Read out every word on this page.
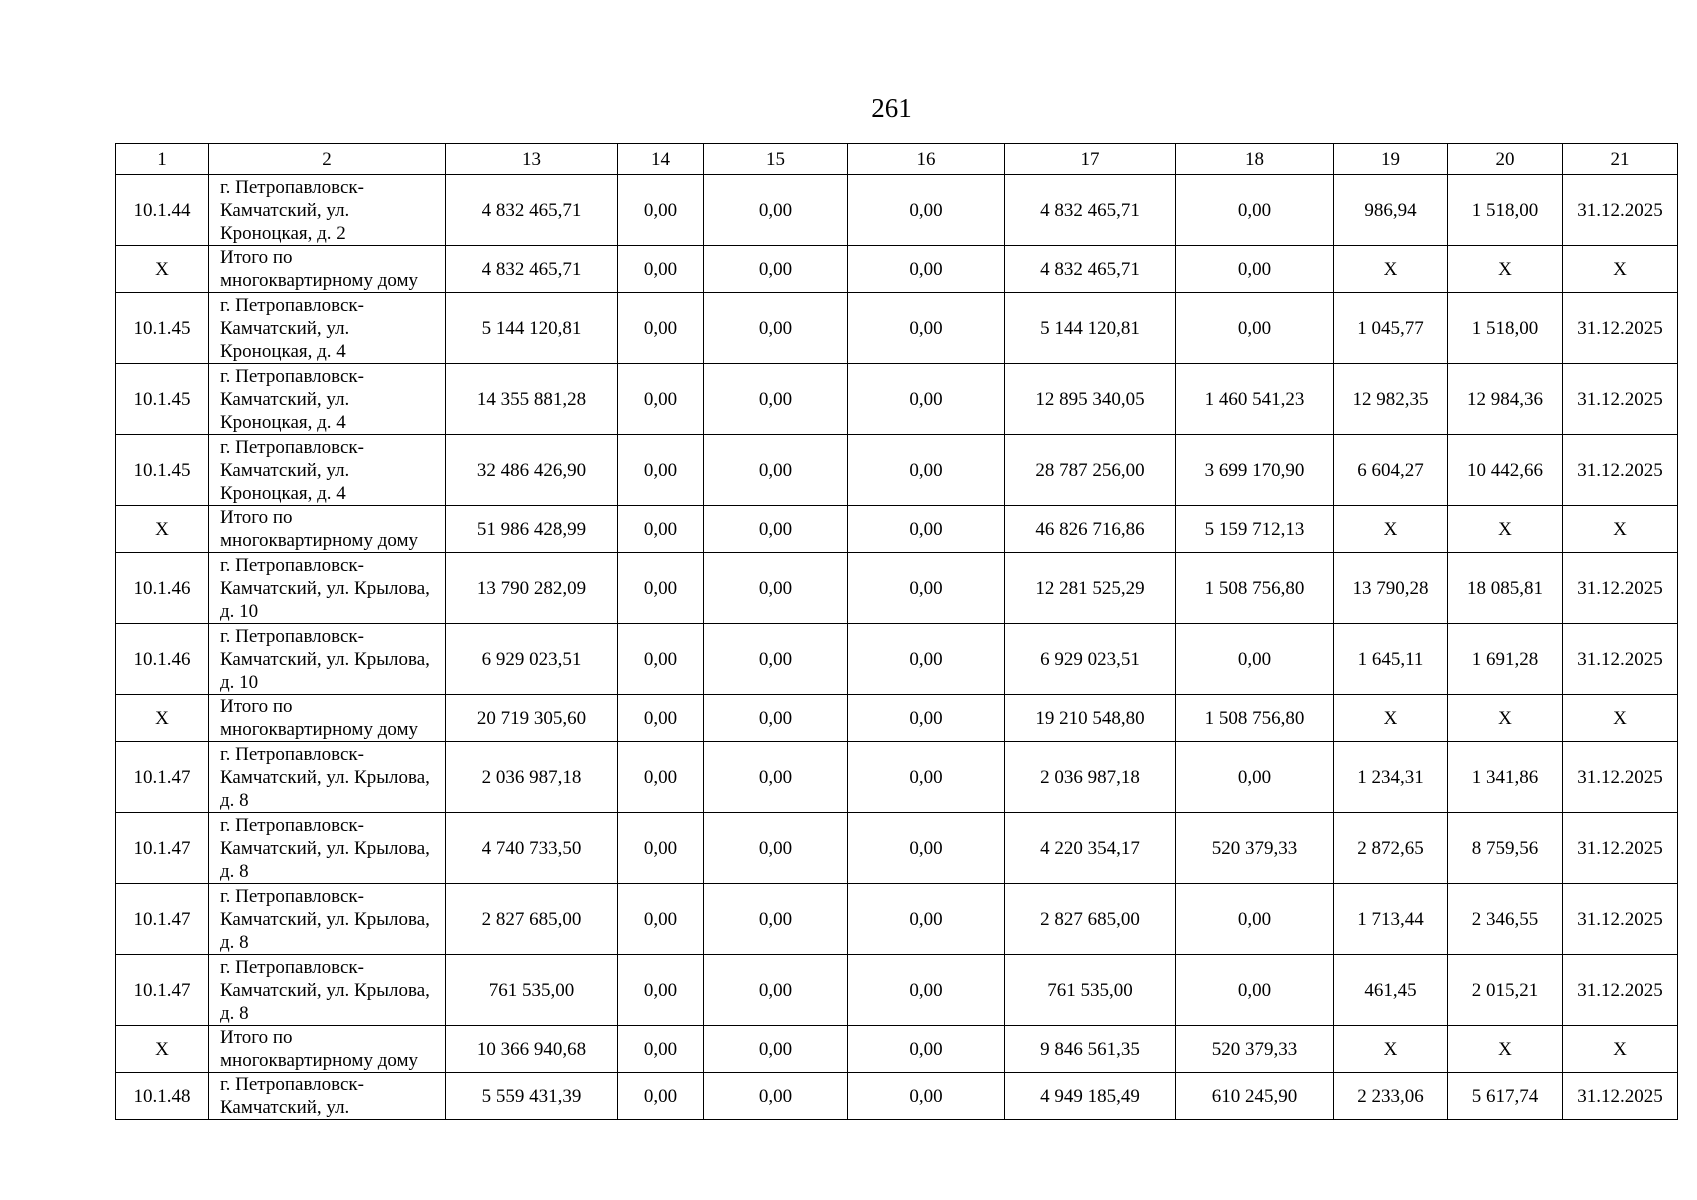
261
1	2	13	14	15	16	17	18	19	20	21
10.1.44	г. Петропавловск-Камчатский, ул. Кроноцкая, д. 2	4 832 465,71	0,00	0,00	0,00	4 832 465,71	0,00	986,94	1 518,00	31.12.2025
Х	Итого по многоквартирному дому	4 832 465,71	0,00	0,00	0,00	4 832 465,71	0,00	Х	Х	Х
10.1.45	г. Петропавловск-Камчатский, ул. Кроноцкая, д. 4	5 144 120,81	0,00	0,00	0,00	5 144 120,81	0,00	1 045,77	1 518,00	31.12.2025
10.1.45	г. Петропавловск-Камчатский, ул. Кроноцкая, д. 4	14 355 881,28	0,00	0,00	0,00	12 895 340,05	1 460 541,23	12 982,35	12 984,36	31.12.2025
10.1.45	г. Петропавловск-Камчатский, ул. Кроноцкая, д. 4	32 486 426,90	0,00	0,00	0,00	28 787 256,00	3 699 170,90	6 604,27	10 442,66	31.12.2025
Х	Итого по многоквартирному дому	51 986 428,99	0,00	0,00	0,00	46 826 716,86	5 159 712,13	Х	Х	Х
10.1.46	г. Петропавловск-Камчатский, ул. Крылова, д. 10	13 790 282,09	0,00	0,00	0,00	12 281 525,29	1 508 756,80	13 790,28	18 085,81	31.12.2025
10.1.46	г. Петропавловск-Камчатский, ул. Крылова, д. 10	6 929 023,51	0,00	0,00	0,00	6 929 023,51	0,00	1 645,11	1 691,28	31.12.2025
Х	Итого по многоквартирному дому	20 719 305,60	0,00	0,00	0,00	19 210 548,80	1 508 756,80	Х	Х	Х
10.1.47	г. Петропавловск-Камчатский, ул. Крылова, д. 8	2 036 987,18	0,00	0,00	0,00	2 036 987,18	0,00	1 234,31	1 341,86	31.12.2025
10.1.47	г. Петропавловск-Камчатский, ул. Крылова, д. 8	4 740 733,50	0,00	0,00	0,00	4 220 354,17	520 379,33	2 872,65	8 759,56	31.12.2025
10.1.47	г. Петропавловск-Камчатский, ул. Крылова, д. 8	2 827 685,00	0,00	0,00	0,00	2 827 685,00	0,00	1 713,44	2 346,55	31.12.2025
10.1.47	г. Петропавловск-Камчатский, ул. Крылова, д. 8	761 535,00	0,00	0,00	0,00	761 535,00	0,00	461,45	2 015,21	31.12.2025
Х	Итого по многоквартирному дому	10 366 940,68	0,00	0,00	0,00	9 846 561,35	520 379,33	Х	Х	Х
10.1.48	г. Петропавловск-Камчатский, ул.	5 559 431,39	0,00	0,00	0,00	4 949 185,49	610 245,90	2 233,06	5 617,74	31.12.2025
